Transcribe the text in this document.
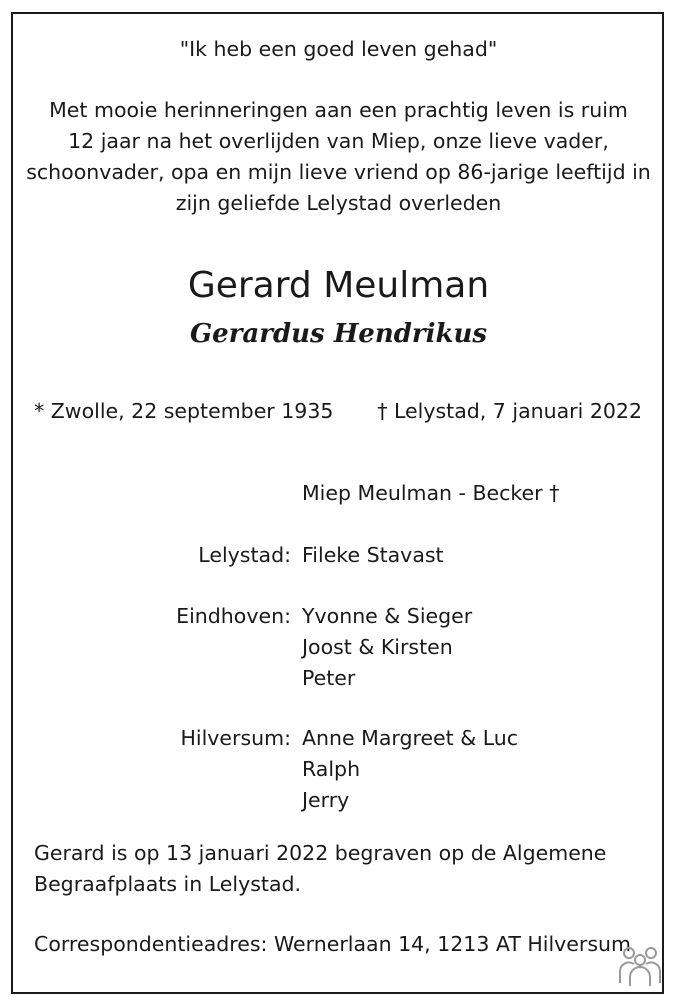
"Ik heb een goed leven gehad"
Met mooie herinneringen aan een prachtig leven is ruim
12 jaar na het overlijden van Miep, onze lieve vader,
schoonvader, opa en mijn lieve vriend op 86-jarige leeftijd in
zijn geliefde Lelystad overleden
Gerard Meulman
Gerardus Hendrikus
* Zwolle, 22 september 1935 † Lelystad, 7 januari 2022
Miep Meulman - Becker †
Lelystad: Fileke Stavast
Eindhoven: Yvonne & Sieger
Joost & Kirsten
Peter
Hilversum: Anne Margreet & Luc
Ralph
Jerry
Gerard is op 13 januari 2022 begraven op de Algemene
Begraafplaats in Lelystad.
Correspondentieadres: Wernerlaan 14, 1213 AT Hilversum
